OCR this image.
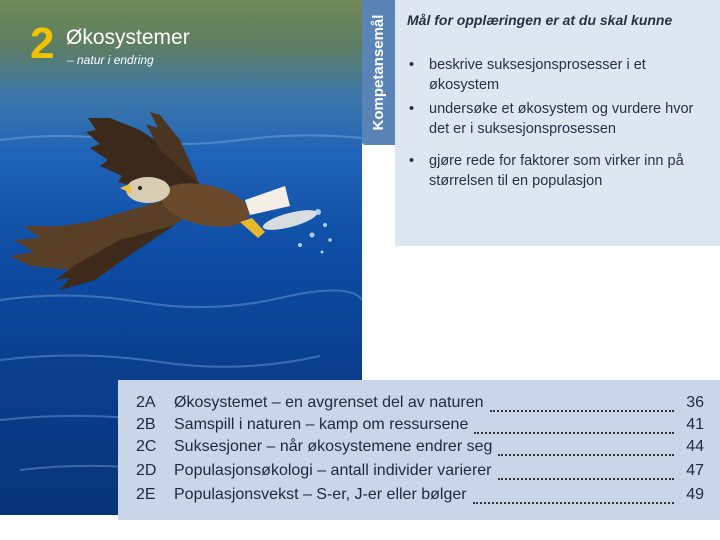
2 Økosystemer
– natur i endring	Kompetansemål	Mål for opplæringen er at du skal kunne
• beskrive suksesjonsprosesser i et økosystem
• undersøke et økosystem og vurdere hvor det er i suksesjonsprosessen
• gjøre rede for faktorer som virker inn på størrelsen til en populasjon
2A	Økosystemet – en avgrenset del av naturen	36
2B	Samspill i naturen – kamp om ressursene	41
2C	Suksesjoner – når økosystemene endrer seg	44
2D	Populasjonsøkologi – antall individer varierer	47
2E	Populasjonsvekst – S-er, J-er eller bølger	49
